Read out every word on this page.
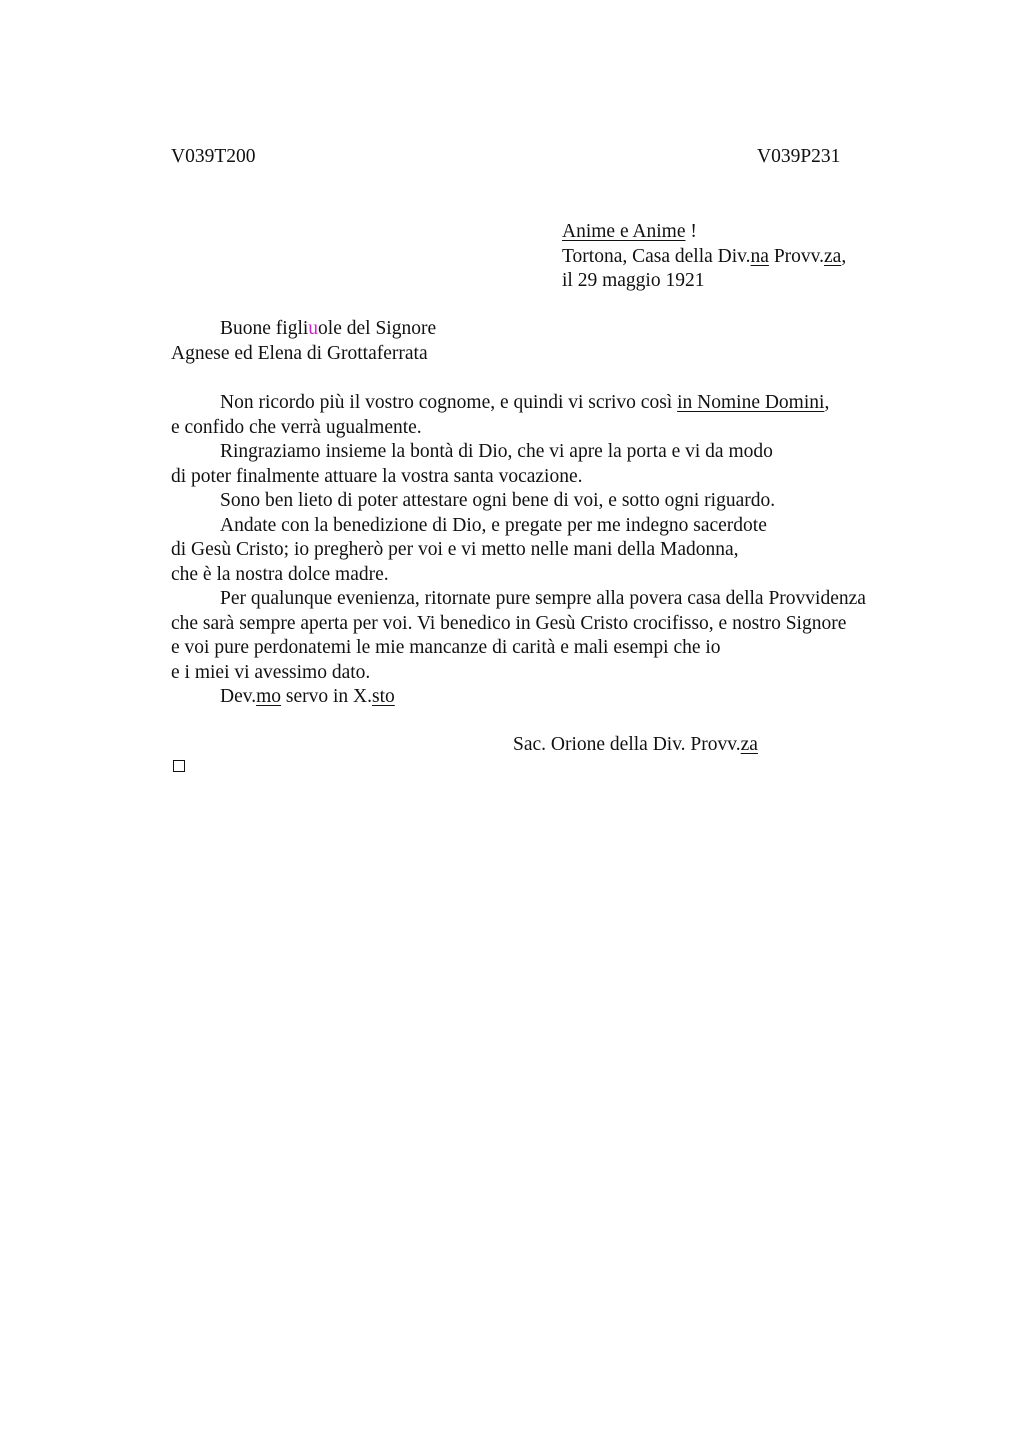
V039T200	V039P231
Anime e Anime !
Tortona, Casa della Div.na Provv.za,
il 29 maggio 1921
Buone figliuole del Signore
Agnese ed Elena di Grottaferrata
Non ricordo più il vostro cognome, e quindi vi scrivo così in Nomine Domini,
e confido che verrà ugualmente.
Ringraziamo insieme la bontà di Dio, che vi apre la porta e vi da modo
di poter finalmente attuare la vostra santa vocazione.
Sono ben lieto di poter attestare ogni bene di voi, e sotto ogni riguardo.
Andate con la benedizione di Dio, e pregate per me indegno sacerdote
di Gesù Cristo; io pregherò per voi e vi metto nelle mani della Madonna,
che è la nostra dolce madre.
Per qualunque evenienza, ritornate pure sempre alla povera casa della Provvidenza
che sarà sempre aperta per voi. Vi benedico in Gesù Cristo crocifisso, e nostro Signore
e voi pure perdonatemi le mie mancanze di carità e mali esempi che io
e i miei vi avessimo dato.
Dev.mo servo in X.sto
Sac. Orione della Div. Provv.za
